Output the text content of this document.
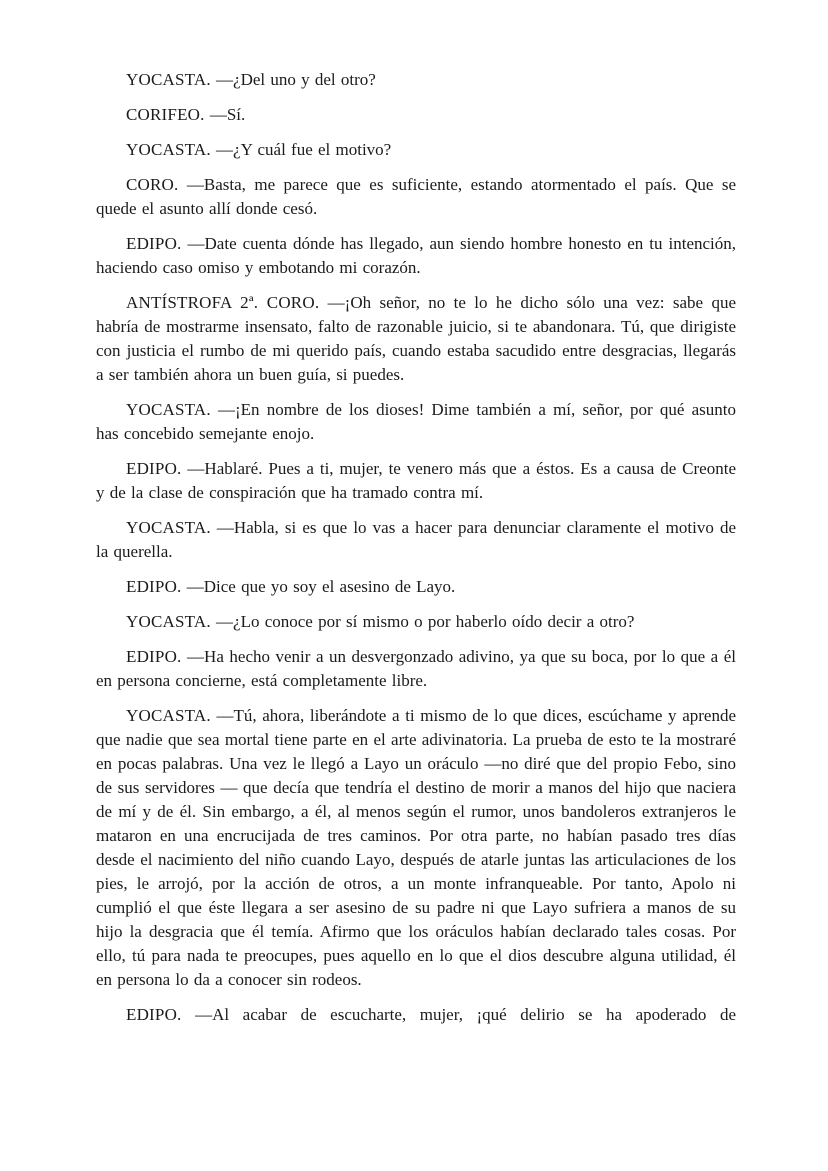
YOCASTA. —¿Del uno y del otro?

CORIFEO. —Sí.

YOCASTA. —¿Y cuál fue el motivo?

CORO. —Basta, me parece que es suficiente, estando atormentado el país. Que se quede el asunto allí donde cesó.

EDIPO. —Date cuenta dónde has llegado, aun siendo hombre honesto en tu intención, haciendo caso omiso y embotando mi corazón.

ANTÍSTROFA 2ª. CORO. —¡Oh señor, no te lo he dicho sólo una vez: sabe que habría de mostrarme insensato, falto de razonable juicio, si te abandonara. Tú, que dirigiste con justicia el rumbo de mi querido país, cuando estaba sacudido entre desgracias, llegarás a ser también ahora un buen guía, si puedes.

YOCASTA. —¡En nombre de los dioses! Dime también a mí, señor, por qué asunto has concebido semejante enojo.

EDIPO. —Hablaré. Pues a ti, mujer, te venero más que a éstos. Es a causa de Creonte y de la clase de conspiración que ha tramado contra mí.

YOCASTA. —Habla, si es que lo vas a hacer para denunciar claramente el motivo de la querella.

EDIPO. —Dice que yo soy el asesino de Layo.

YOCASTA. —¿Lo conoce por sí mismo o por haberlo oído decir a otro?

EDIPO. —Ha hecho venir a un desvergonzado adivino, ya que su boca, por lo que a él en persona concierne, está completamente libre.

YOCASTA. —Tú, ahora, liberándote a ti mismo de lo que dices, escúchame y aprende que nadie que sea mortal tiene parte en el arte adivinatoria. La prueba de esto te la mostraré en pocas palabras. Una vez le llegó a Layo un oráculo —no diré que del propio Febo, sino de sus servidores — que decía que tendría el destino de morir a manos del hijo que naciera de mí y de él. Sin embargo, a él, al menos según el rumor, unos bandoleros extranjeros le mataron en una encrucijada de tres caminos. Por otra parte, no habían pasado tres días desde el nacimiento del niño cuando Layo, después de atarle juntas las articulaciones de los pies, le arrojó, por la acción de otros, a un monte infranqueable. Por tanto, Apolo ni cumplió el que éste llegara a ser asesino de su padre ni que Layo sufriera a manos de su hijo la desgracia que él temía. Afirmo que los oráculos habían declarado tales cosas. Por ello, tú para nada te preocupes, pues aquello en lo que el dios descubre alguna utilidad, él en persona lo da a conocer sin rodeos.

EDIPO. —Al acabar de escucharte, mujer, ¡qué delirio se ha apoderado de
